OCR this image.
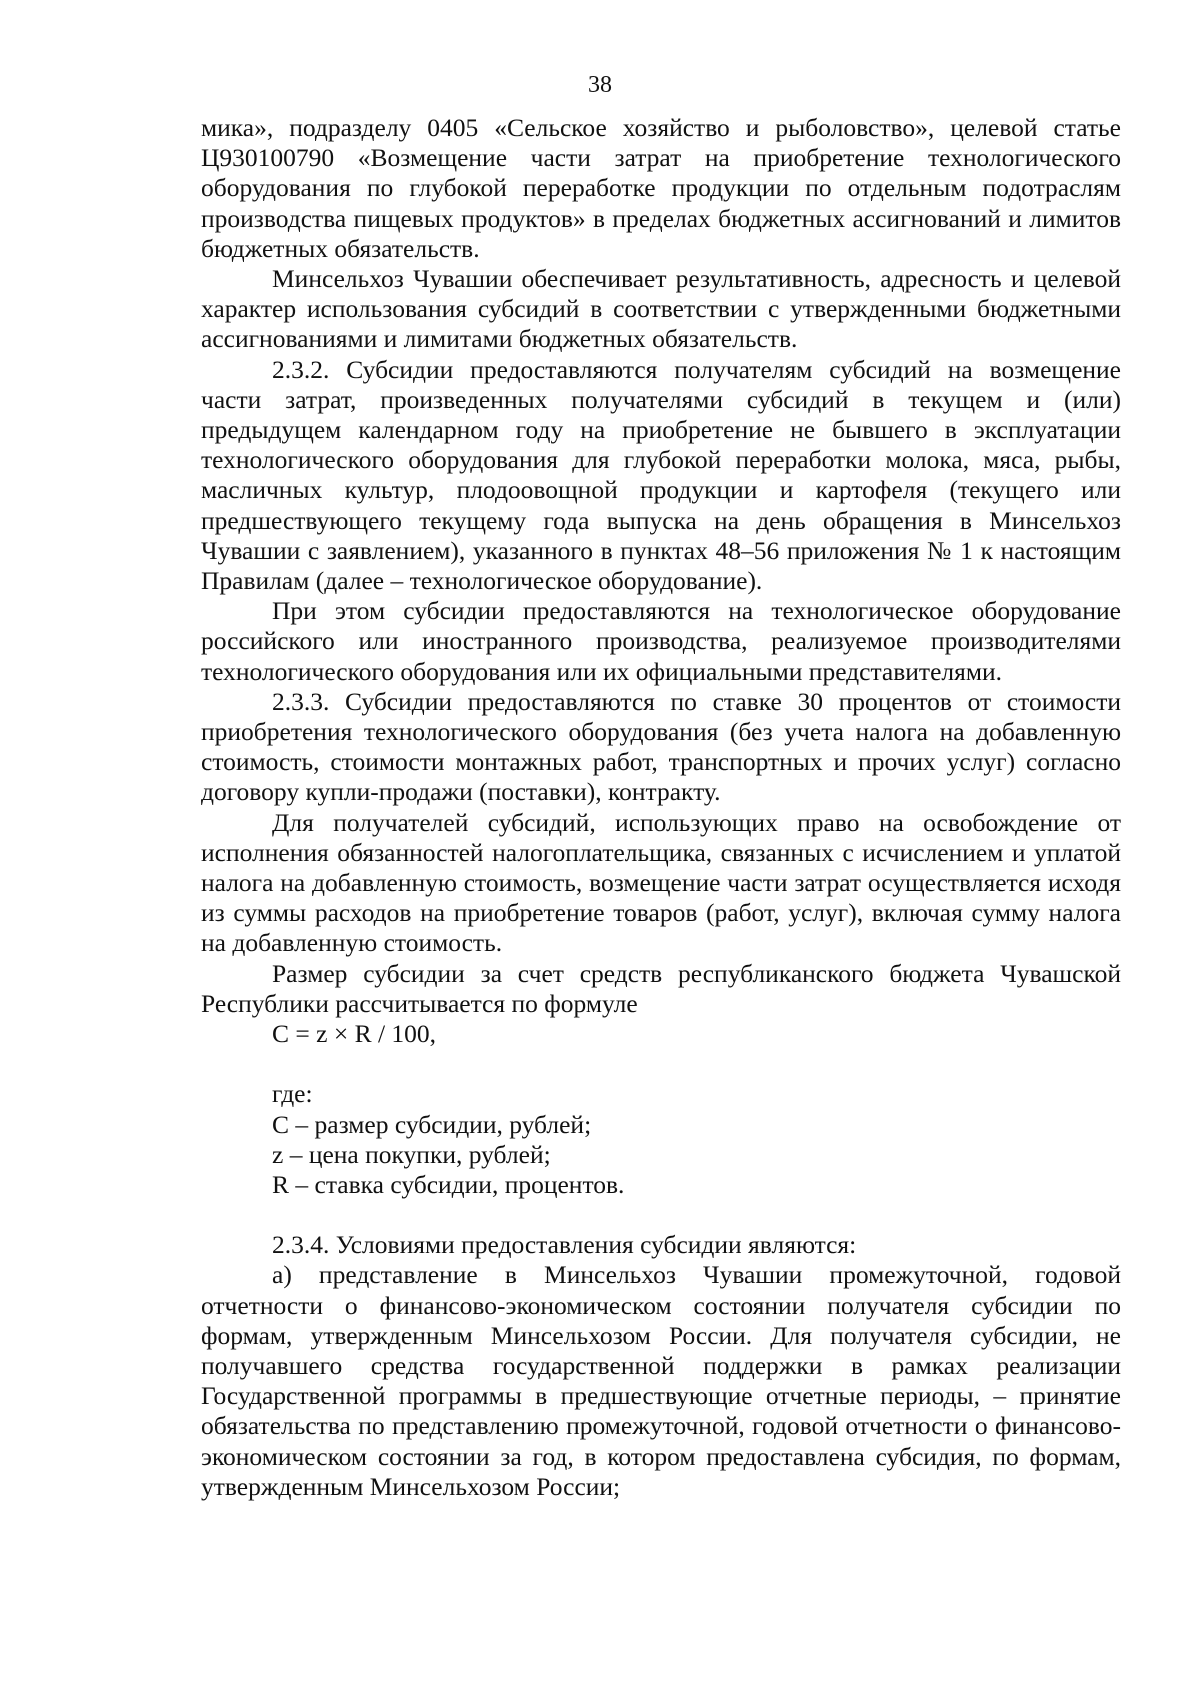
38

мика», подразделу 0405 «Сельское хозяйство и рыболовство», целевой статье Ц930100790 «Возмещение части затрат на приобретение технологического оборудования по глубокой переработке продукции по отдельным подотраслям производства пищевых продуктов» в пределах бюджетных ассигнований и лимитов бюджетных обязательств.

Минсельхоз Чувашии обеспечивает результативность, адресность и целевой характер использования субсидий в соответствии с утвержденными бюджетными ассигнованиями и лимитами бюджетных обязательств.

2.3.2. Субсидии предоставляются получателям субсидий на возмещение части затрат, произведенных получателями субсидий в текущем и (или) предыдущем календарном году на приобретение не бывшего в эксплуатации технологического оборудования для глубокой переработки молока, мяса, рыбы, масличных культур, плодоовощной продукции и картофеля (текущего или предшествующего текущему года выпуска на день обращения в Минсельхоз Чувашии с заявлением), указанного в пунктах 48–56 приложения № 1 к настоящим Правилам (далее – технологическое оборудование).

При этом субсидии предоставляются на технологическое оборудование российского или иностранного производства, реализуемое производителями технологического оборудования или их официальными представителями.

2.3.3. Субсидии предоставляются по ставке 30 процентов от стоимости приобретения технологического оборудования (без учета налога на добавленную стоимость, стоимости монтажных работ, транспортных и прочих услуг) согласно договору купли-продажи (поставки), контракту.

Для получателей субсидий, использующих право на освобождение от исполнения обязанностей налогоплательщика, связанных с исчислением и уплатой налога на добавленную стоимость, возмещение части затрат осуществляется исходя из суммы расходов на приобретение товаров (работ, услуг), включая сумму налога на добавленную стоимость.

Размер субсидии за счет средств республиканского бюджета Чувашской Республики рассчитывается по формуле

C = z × R / 100,

где:

C – размер субсидии, рублей;

z – цена покупки, рублей;

R – ставка субсидии, процентов.

2.3.4. Условиями предоставления субсидии являются:

а) представление в Минсельхоз Чувашии промежуточной, годовой отчетности о финансово-экономическом состоянии получателя субсидии по формам, утвержденным Минсельхозом России. Для получателя субсидии, не получавшего средства государственной поддержки в рамках реализации Государственной программы в предшествующие отчетные периоды, – принятие обязательства по представлению промежуточной, годовой отчетности о финансово-экономическом состоянии за год, в котором предоставлена субсидия, по формам, утвержденным Минсельхозом России;
